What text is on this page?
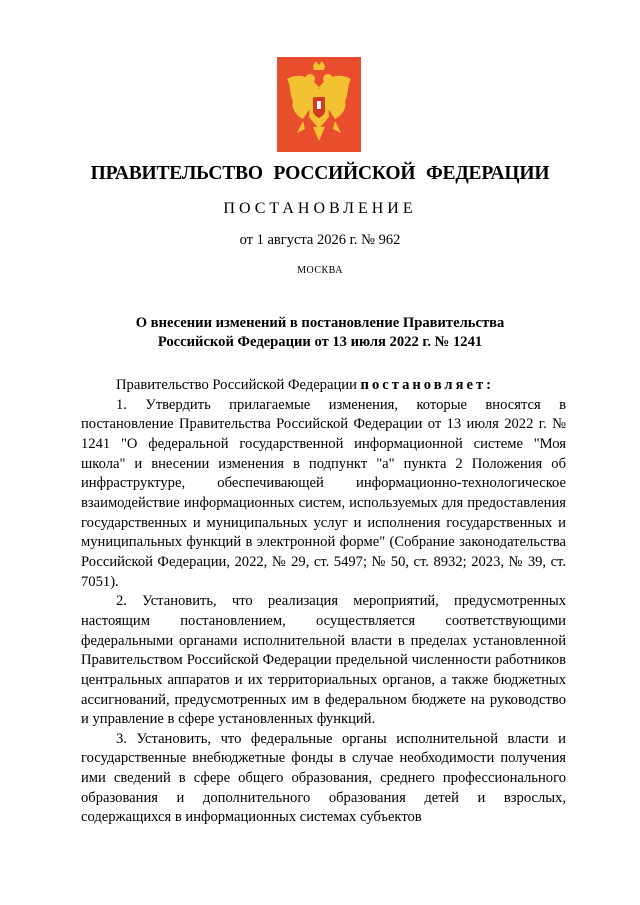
ПРАВИТЕЛЬСТВО РОССИЙСКОЙ ФЕДЕРАЦИИ
ПОСТАНОВЛЕНИЕ
от 1 августа 2026 г. № 962
МОСКВА
О внесении изменений в постановление Правительства
Российской Федерации от 13 июля 2022 г. № 1241

Правительство Российской Федерации постановляет:

1. Утвердить прилагаемые изменения, которые вносятся в постановление Правительства Российской Федерации от 13 июля 2022 г. № 1241 "О федеральной государственной информационной системе "Моя школа" и внесении изменения в подпункт "а" пункта 2 Положения об инфраструктуре, обеспечивающей информационно-технологическое взаимодействие информационных систем, используемых для предоставления государственных и муниципальных услуг и исполнения государственных и муниципальных функций в электронной форме" (Собрание законодательства Российской Федерации, 2022, № 29, ст. 5497; № 50, ст. 8932; 2023, № 39, ст. 7051).

2. Установить, что реализация мероприятий, предусмотренных настоящим постановлением, осуществляется соответствующими федеральными органами исполнительной власти в пределах установленной Правительством Российской Федерации предельной численности работников центральных аппаратов и их территориальных органов, а также бюджетных ассигнований, предусмотренных им в федеральном бюджете на руководство и управление в сфере установленных функций.

3. Установить, что федеральные органы исполнительной власти и государственные внебюджетные фонды в случае необходимости получения ими сведений в сфере общего образования, среднего профессионального образования и дополнительного образования детей и взрослых, содержащихся в информационных системах субъектов
